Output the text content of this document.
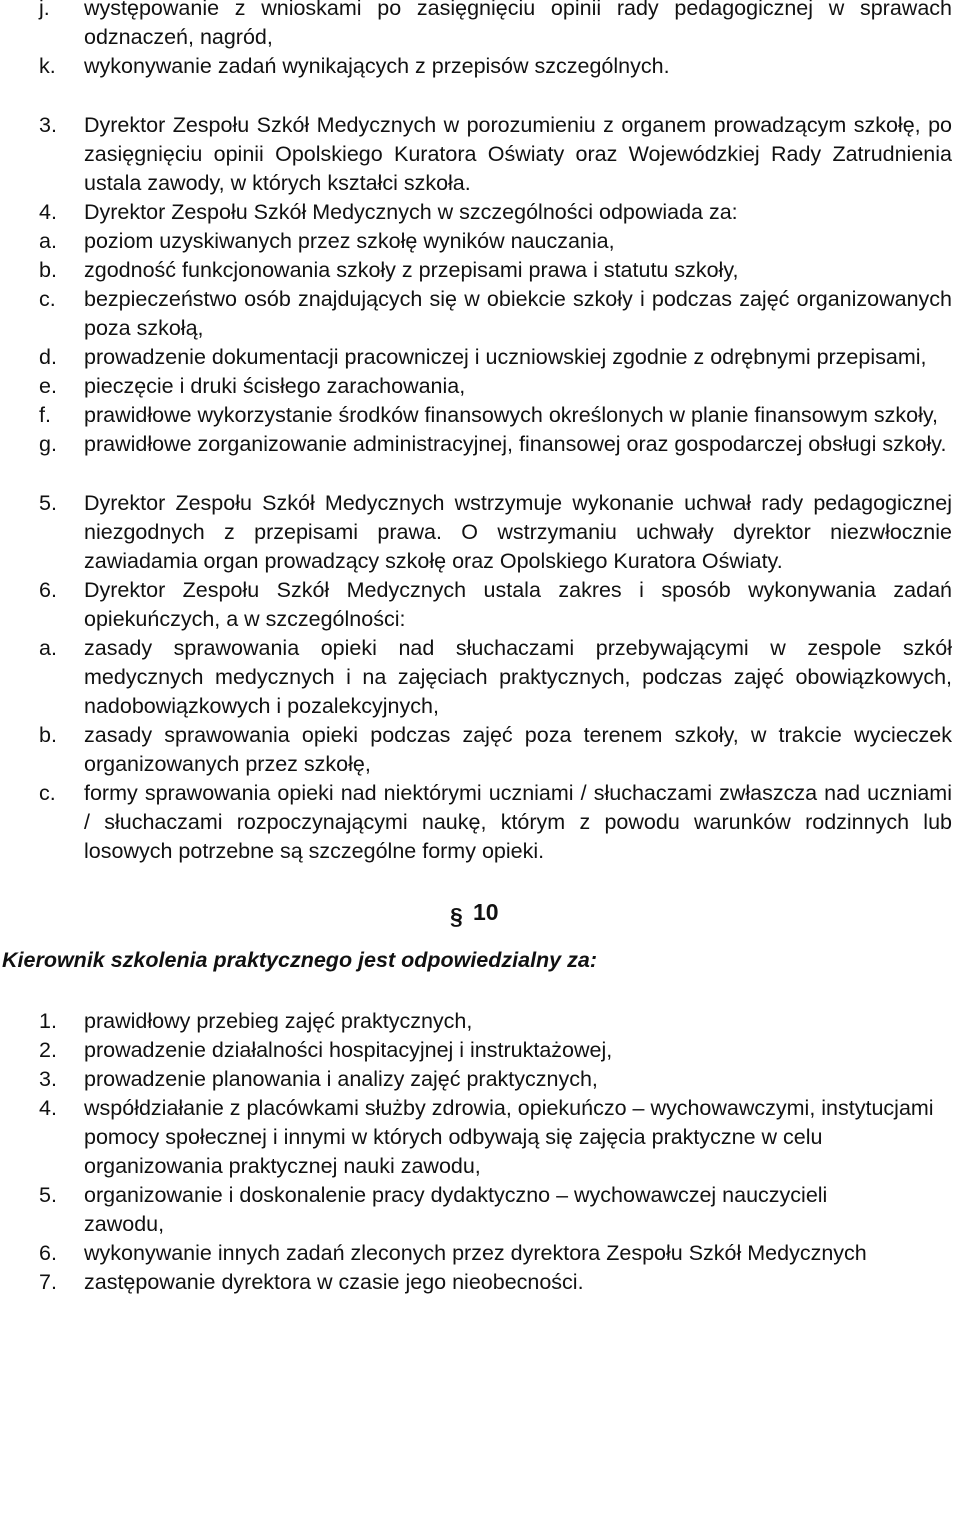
j. występowanie z wnioskami po zasięgnięciu opinii rady pedagogicznej w sprawach odznaczeń, nagród,
k. wykonywanie zadań wynikających z przepisów szczególnych.
3. Dyrektor Zespołu Szkół Medycznych w porozumieniu z organem prowadzącym szkołę, po zasięgnięciu opinii Opolskiego Kuratora Oświaty oraz Wojewódzkiej Rady Zatrudnienia ustala zawody, w których kształci szkoła.
4. Dyrektor Zespołu Szkół Medycznych w szczególności odpowiada za:
a. poziom uzyskiwanych przez szkołę wyników nauczania,
b. zgodność funkcjonowania szkoły z przepisami prawa i statutu szkoły,
c. bezpieczeństwo osób znajdujących się w obiekcie szkoły i podczas zajęć organizowanych poza szkołą,
d. prowadzenie dokumentacji pracowniczej i uczniowskiej zgodnie z odrębnymi przepisami,
e. pieczęcie i druki ścisłego zarachowania,
f. prawidłowe wykorzystanie środków finansowych określonych w planie finansowym szkoły,
g. prawidłowe zorganizowanie administracyjnej, finansowej oraz gospodarczej obsługi szkoły.
5. Dyrektor Zespołu Szkół Medycznych wstrzymuje wykonanie uchwał rady pedagogicznej niezgodnych z przepisami prawa. O wstrzymaniu uchwały dyrektor niezwłocznie zawiadamia organ prowadzący szkołę oraz Opolskiego Kuratora Oświaty.
6. Dyrektor Zespołu Szkół Medycznych ustala zakres i sposób wykonywania zadań opiekuńczych, a w szczególności:
a. zasady sprawowania opieki nad słuchaczami przebywającymi w zespole szkół medycznych medycznych i na zajęciach praktycznych, podczas zajęć obowiązkowych, nadobowiązkowych i pozalekcyjnych,
b. zasady sprawowania opieki podczas zajęć poza terenem szkoły, w trakcie wycieczek organizowanych przez szkołę,
c. formy sprawowania opieki nad niektórymi uczniami / słuchaczami zwłaszcza nad uczniami / słuchaczami rozpoczynającymi naukę, którym z powodu warunków rodzinnych lub losowych potrzebne są szczególne formy opieki.
§ 10
Kierownik szkolenia praktycznego jest odpowiedzialny za:
1. prawidłowy przebieg zajęć praktycznych,
2. prowadzenie działalności hospitacyjnej i instruktażowej,
3. prowadzenie planowania i analizy zajęć praktycznych,
4. współdziałanie z placówkami służby zdrowia, opiekuńczo – wychowawczymi, instytucjami pomocy społecznej i innymi w których odbywają się zajęcia praktyczne w celu organizowania praktycznej nauki zawodu,
5. organizowanie i doskonalenie pracy dydaktyczno – wychowawczej nauczycieli zawodu,
6. wykonywanie innych zadań zleconych przez dyrektora Zespołu Szkół Medycznych
7. zastępowanie dyrektora w czasie jego nieobecności.
